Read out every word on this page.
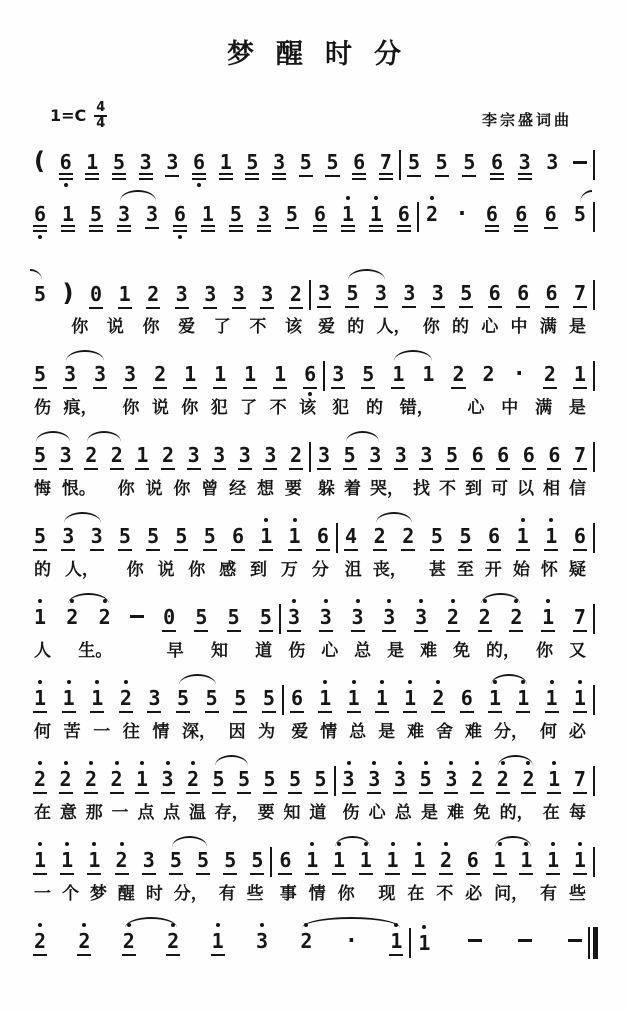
梦醒时分
$1=C \frac{4}{4}$	李宗盛词曲
( 6 1 5 3 3 6 1 5 3 5 5 6 7 5 5 5 6 3 3
6 1 5 3 3 6 1 5 3 5 6 1 1 6 2 · 6 6 6 5
5 ) 0 1 2 3 3 3 3 2 3 5 3 3 3 5 6 6 6 7
你 说 你 爱 了 不 该 爱 的 人， 你 的 心 中 满 是
5 3 3 3 2 1 1 1 1 6 3 5 1 1 2 2 · 2 1
伤 痕， 你 说 你 犯 了 不 该 犯 的 错， 心 中 满 是
5 3 2 2 1 2 3 3 3 3 2 3 5 3 3 3 5 6 6 6 6 7
悔 恨。 你 说 你 曾 经 想 要 躲 着 哭， 找 不 到 可 以 相 信
5 3 3 5 5 5 5 6 1 1 6 4 2 2 5 5 6 1 1 6
的 人， 你 说 你 感 到 万 分 沮 丧， 甚 至 开 始 怀 疑
1 2 2	0 5 5 5 3 3 3 3 3 2 2 2 1 7
人 生。	早 知 道 伤 心 总 是 难 免 的， 你 又
1 1 1 2 3 5 5 5 5 6 1 1 1 1 2 6 1 1 1 1
何 苦 一 往 情 深， 因 为 爱 情 总 是 难 舍 难 分， 何 必
2 2 2 2 1 3 2 5 5 5 5 5 3 3 3 5 3 2 2 2 1 7
在 意 那 一 点 点 温 存， 要 知 道 伤 心 总 是 难 免 的， 在 每
1 1 1 2 3 5 5 5 5 6 1 1 1 1 1 2 6 1 1 1 1
一 个 梦 醒 时 分， 有 些 事 情 你 现 在 不 必 问， 有 些
2 2 2 2 1 3 2 · 1 1
